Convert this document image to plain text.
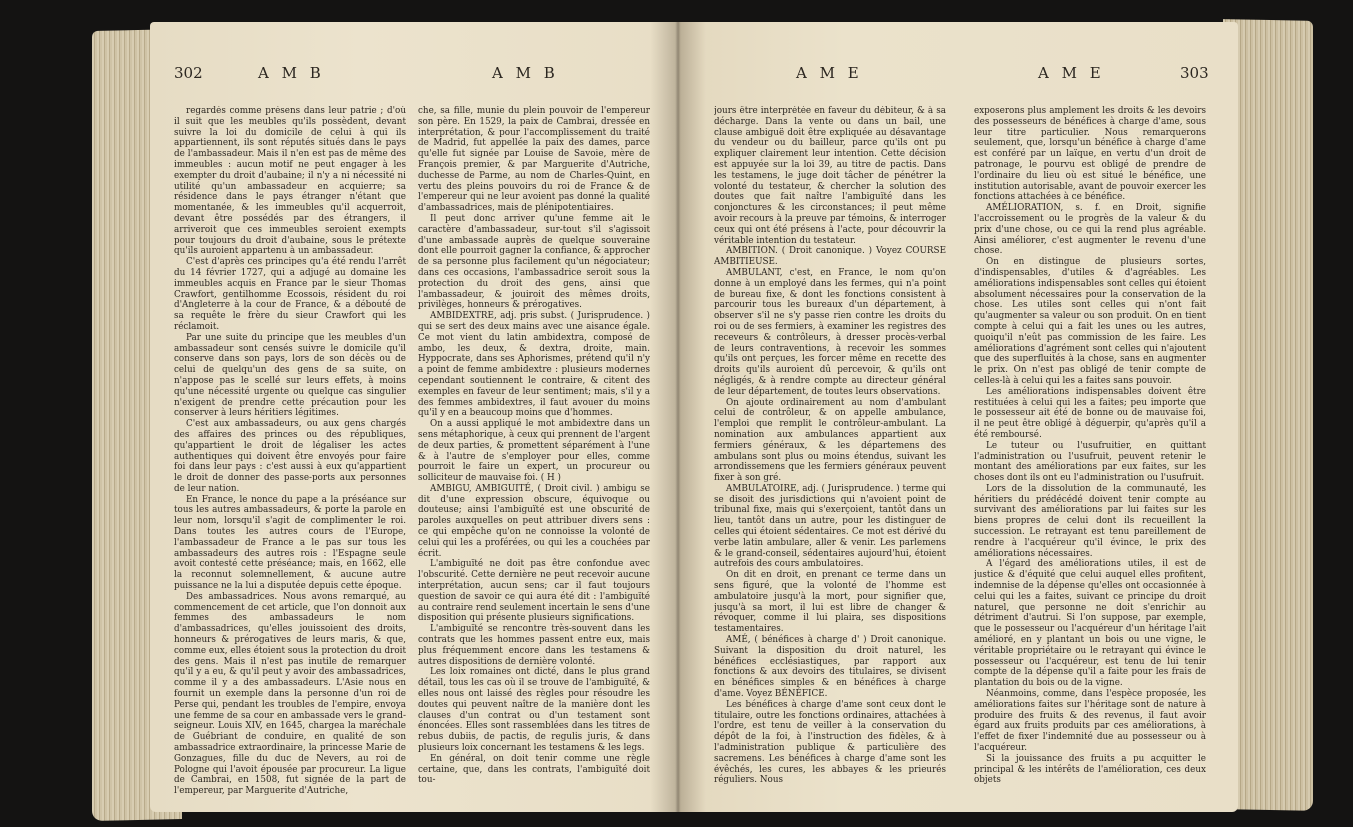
302	A M B	A M B

regardés comme présens dans leur patrie ; d'où il suit que les meubles qu'ils possèdent, devant suivre la loi du domicile de celui à qui ils appartiennent, ils sont réputés situés dans le pays de l'ambassadeur. Mais il n'en est pas de même des immeubles : aucun motif ne peut engager à les exempter du droit d'aubaine; il n'y a ni nécessité ni utilité qu'un ambassadeur en acquierre; sa résidence dans le pays étranger n'étant que momentanée, & les immeubles qu'il acquerroit, devant être possédés par des étrangers, il arriveroit que ces immeubles seroient exempts pour toujours du droit d'aubaine, sous le prétexte qu'ils auroient appartenu à un ambassadeur.

C'est d'après ces principes qu'a été rendu l'arrêt du 14 février 1727, qui a adjugé au domaine les immeubles acquis en France par le sieur Thomas Crawfort, gentilhomme Ecossois, résident du roi d'Angleterre à la cour de France, & a débouté de sa requête le frère du sieur Crawfort qui les réclamoit.

Par une suite du principe que les meubles d'un ambassadeur sont censés suivre le domicile qu'il conserve dans son pays, lors de son décès ou de celui de quelqu'un des gens de sa suite, on n'appose pas le scellé sur leurs effets, à moins qu'une nécessité urgente ou quelque cas singulier n'exigent de prendre cette précaution pour les conserver à leurs héritiers légitimes.

C'est aux ambassadeurs, ou aux gens chargés des affaires des princes ou des républiques, qu'appartient le droit de légaliser les actes authentiques qui doivent être envoyés pour faire foi dans leur pays : c'est aussi à eux qu'appartient le droit de donner des passe-ports aux personnes de leur nation.

En France, le nonce du pape a la préséance sur tous les autres ambassadeurs, & porte la parole en leur nom, lorsqu'il s'agit de complimenter le roi. Dans toutes les autres cours de l'Europe, l'ambassadeur de France a le pas sur tous les ambassadeurs des autres rois : l'Espagne seule avoit contesté cette préséance; mais, en 1662, elle la reconnut solemnellement, & aucune autre puissance ne la lui a disputée depuis cette époque.

Des ambassadrices. Nous avons remarqué, au commencement de cet article, que l'on donnoit aux femmes des ambassadeurs le nom d'ambassadrices, qu'elles jouissoient des droits, honneurs & prérogatives de leurs maris, & que, comme eux, elles étoient sous la protection du droit des gens. Mais il n'est pas inutile de remarquer qu'il y a eu, & qu'il peut y avoir des ambassadrices, comme il y a des ambassadeurs. L'Asie nous en fournit un exemple dans la personne d'un roi de Perse qui, pendant les troubles de l'empire, envoya une femme de sa cour en ambassade vers le grand-seigneur. Louis XIV, en 1645, chargea la maréchale de Guébriant de conduire, en qualité de son ambassadrice extraordinaire, la princesse Marie de Gonzagues, fille du duc de Nevers, au roi de Pologne qui l'avoit épousée par procureur. La ligue de Cambrai, en 1508, fut signée de la part de l'empereur, par Marguerite d'Autriche,

che, sa fille, munie du plein pouvoir de l'empereur son père. En 1529, la paix de Cambrai, dressée en interprétation, & pour l'accomplissement du traité de Madrid, fut appellée la paix des dames, parce qu'elle fut signée par Louise de Savoie, mère de François premier, & par Marguerite d'Autriche, duchesse de Parme, au nom de Charles-Quint, en vertu des pleins pouvoirs du roi de France & de l'empereur qui ne leur avoient pas donné la qualité d'ambassadrices, mais de plénipotentiaires.

Il peut donc arriver qu'une femme ait le caractère d'ambassadeur, sur-tout s'il s'agissoit d'une ambassade auprès de quelque souveraine dont elle pourroit gagner la confiance, & approcher de sa personne plus facilement qu'un négociateur; dans ces occasions, l'ambassadrice seroit sous la protection du droit des gens, ainsi que l'ambassadeur, & jouiroit des mêmes droits, privilèges, honneurs & prérogatives.

AMBIDEXTRE, adj. pris subst. ( Jurisprudence. ) qui se sert des deux mains avec une aisance égale. Ce mot vient du latin ambidextra, composé de ambo, les deux, & dextra, droite, main. Hyppocrate, dans ses Aphorismes, prétend qu'il n'y a point de femme ambidextre : plusieurs modernes cependant soutiennent le contraire, & citent des exemples en faveur de leur sentiment; mais, s'il y a des femmes ambidextres, il faut avouer du moins qu'il y en a beaucoup moins que d'hommes.

On a aussi appliqué le mot ambidextre dans un sens métaphorique, à ceux qui prennent de l'argent de deux parties, & promettent séparément à l'une & à l'autre de s'employer pour elles, comme pourroit le faire un expert, un procureur ou solliciteur de mauvaise foi. ( H )

AMBIGU, AMBIGUITÉ, ( Droit civil. ) ambigu se dit d'une expression obscure, équivoque ou douteuse; ainsi l'ambiguïté est une obscurité de paroles auxquelles on peut attribuer divers sens : ce qui empêche qu'on ne connoisse la volonté de celui qui les a proférées, ou qui les a couchées par écrit.

L'ambiguïté ne doit pas être confondue avec l'obscurité. Cette dernière ne peut recevoir aucune interprétation, aucun sens; car il faut toujours question de savoir ce qui aura été dit : l'ambiguïté au contraire rend seulement incertain le sens d'une disposition qui présente plusieurs significations.

L'ambiguïté se rencontre très-souvent dans les contrats que les hommes passent entre eux, mais plus fréquemment encore dans les testamens & autres dispositions de dernière volonté.

Les loix romaines ont dicté, dans le plus grand détail, tous les cas où il se trouve de l'ambiguïté, & elles nous ont laissé des règles pour résoudre les doutes qui peuvent naître de la manière dont les clauses d'un contrat ou d'un testament sont énoncées. Elles sont rassemblées dans les titres de rebus dubiis, de pactis, de regulis juris, & dans plusieurs loix concernant les testamens & les legs.

En général, on doit tenir comme une règle certaine, que, dans les contrats, l'ambiguïté doit tou-

A M E	A M E	303

jours être interprétée en faveur du débiteur, & à sa décharge. Dans la vente ou dans un bail, une clause ambiguë doit être expliquée au désavantage du vendeur ou du bailleur, parce qu'ils ont pu expliquer clairement leur intention. Cette décision est appuyée sur la loi 39, au titre de pactis. Dans les testamens, le juge doit tâcher de pénétrer la volonté du testateur, & chercher la solution des doutes que fait naître l'ambiguïté dans les conjonctures & les circonstances; il peut même avoir recours à la preuve par témoins, & interroger ceux qui ont été présens à l'acte, pour découvrir la véritable intention du testateur.

AMBITION. ( Droit canonique. ) Voyez COURSE AMBITIEUSE.

AMBULANT, c'est, en France, le nom qu'on donne à un employé dans les fermes, qui n'a point de bureau fixe, & dont les fonctions consistent à parcourir tous les bureaux d'un département, à observer s'il ne s'y passe rien contre les droits du roi ou de ses fermiers, à examiner les registres des receveurs & contrôleurs, à dresser procès-verbal de leurs contraventions, à recevoir les sommes qu'ils ont perçues, les forcer même en recette des droits qu'ils auroient dû percevoir, & qu'ils ont négligés, & à rendre compte au directeur général de leur département, de toutes leurs observations.

On ajoute ordinairement au nom d'ambulant celui de contrôleur, & on appelle ambulance, l'emploi que remplit le contrôleur-ambulant. La nomination aux ambulances appartient aux fermiers généraux, & les départemens des ambulans sont plus ou moins étendus, suivant les arrondissemens que les fermiers généraux peuvent fixer à son gré.

AMBULATOIRE, adj. ( Jurisprudence. ) terme qui se disoit des jurisdictions qui n'avoient point de tribunal fixe, mais qui s'exerçoient, tantôt dans un lieu, tantôt dans un autre, pour les distinguer de celles qui étoient sédentaires. Ce mot est dérivé du verbe latin ambulare, aller & venir. Les parlemens & le grand-conseil, sédentaires aujourd'hui, étoient autrefois des cours ambulatoires.

On dit en droit, en prenant ce terme dans un sens figuré, que la volonté de l'homme est ambulatoire jusqu'à la mort, pour signifier que, jusqu'à sa mort, il lui est libre de changer & révoquer, comme il lui plaira, ses dispositions testamentaires.

AMÉ, ( bénéfices à charge d' ) Droit canonique. Suivant la disposition du droit naturel, les bénéfices ecclésiastiques, par rapport aux fonctions & aux devoirs des titulaires, se divisent en bénéfices simples & en bénéfices à charge d'ame. Voyez BÉNÉFICE.

Les bénéfices à charge d'ame sont ceux dont le titulaire, outre les fonctions ordinaires, attachées à l'ordre, est tenu de veiller à la conservation du dépôt de la foi, à l'instruction des fidèles, & à l'administration publique & particulière des sacremens. Les bénéfices à charge d'ame sont les évêchés, les cures, les abbayes & les prieurés réguliers. Nous

exposerons plus amplement les droits & les devoirs des possesseurs de bénéfices à charge d'ame, sous leur titre particulier. Nous remarquerons seulement, que, lorsqu'un bénéfice à charge d'ame est conféré par un laïque, en vertu d'un droit de patronage, le pourvu est obligé de prendre de l'ordinaire du lieu où est situé le bénéfice, une institution autorisable, avant de pouvoir exercer les fonctions attachées à ce bénéfice.

AMÉLIORATION, s. f. en Droit, signifie l'accroissement ou le progrès de la valeur & du prix d'une chose, ou ce qui la rend plus agréable. Ainsi améliorer, c'est augmenter le revenu d'une chose.

On en distingue de plusieurs sortes, d'indispensables, d'utiles & d'agréables. Les améliorations indispensables sont celles qui étoient absolument nécessaires pour la conservation de la chose. Les utiles sont celles qui n'ont fait qu'augmenter sa valeur ou son produit. On en tient compte à celui qui a fait les unes ou les autres, quoiqu'il n'eût pas commission de les faire. Les améliorations d'agrément sont celles qui n'ajoutent que des superfluités à la chose, sans en augmenter le prix. On n'est pas obligé de tenir compte de celles-là à celui qui les a faites sans pouvoir.

Les améliorations indispensables doivent être restituées à celui qui les a faites; peu importe que le possesseur ait été de bonne ou de mauvaise foi, il ne peut être obligé à déguerpir, qu'après qu'il a été remboursé.

Le tuteur ou l'usufruitier, en quittant l'administration ou l'usufruit, peuvent retenir le montant des améliorations par eux faites, sur les choses dont ils ont eu l'administration ou l'usufruit.

Lors de la dissolution de la communauté, les héritiers du prédécédé doivent tenir compte au survivant des améliorations par lui faites sur les biens propres de celui dont ils recueillent la succession. Le retrayant est tenu pareillement de rendre à l'acquéreur qu'il évince, le prix des améliorations nécessaires.

A l'égard des améliorations utiles, il est de justice & d'équité que celui auquel elles profitent, indemnise de la dépense qu'elles ont occasionnée à celui qui les a faites, suivant ce principe du droit naturel, que personne ne doit s'enrichir au détriment d'autrui. Si l'on suppose, par exemple, que le possesseur ou l'acquéreur d'un héritage l'ait amélioré, en y plantant un bois ou une vigne, le véritable propriétaire ou le retrayant qui évince le possesseur ou l'acquéreur, est tenu de lui tenir compte de la dépense qu'il a faite pour les frais de plantation du bois ou de la vigne.

Néanmoins, comme, dans l'espèce proposée, les améliorations faites sur l'héritage sont de nature à produire des fruits & des revenus, il faut avoir égard aux fruits produits par ces améliorations, à l'effet de fixer l'indemnité due au possesseur ou à l'acquéreur.

Si la jouissance des fruits a pu acquitter le principal & les intérêts de l'amélioration, ces deux objets
